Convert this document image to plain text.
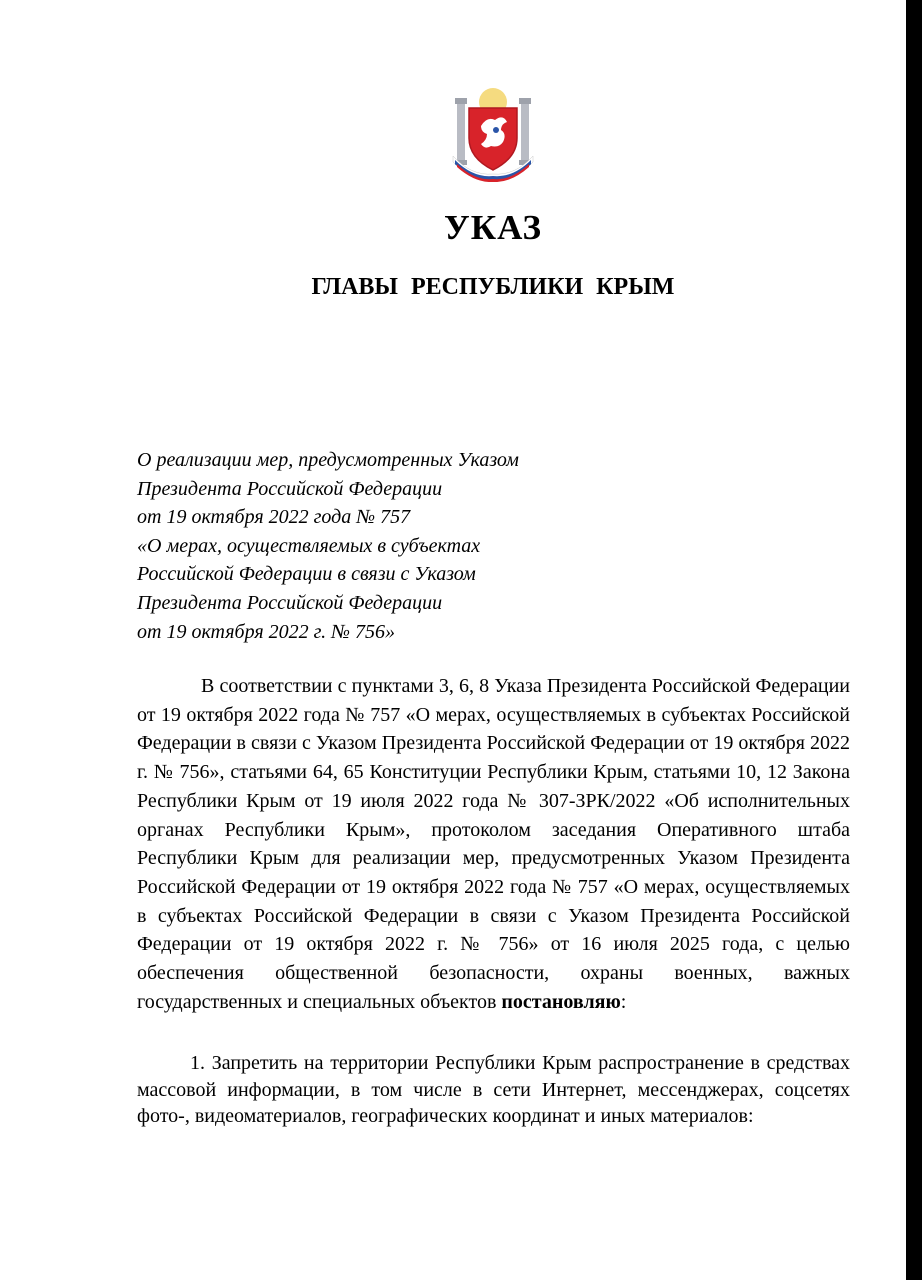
УКАЗ
ГЛАВЫ РЕСПУБЛИКИ КРЫМ
О реализации мер, предусмотренных Указом
Президента Российской Федерации
от 19 октября 2022 года № 757
«О мерах, осуществляемых в субъектах
Российской Федерации в связи с Указом
Президента Российской Федерации
от 19 октября 2022 г. № 756»

В соответствии с пунктами 3, 6, 8 Указа Президента Российской Федерации от 19 октября 2022 года № 757 «О мерах, осуществляемых в субъектах Российской Федерации в связи с Указом Президента Российской Федерации от 19 октября 2022 г. № 756», статьями 64, 65 Конституции Республики Крым, статьями 10, 12 Закона Республики Крым от 19 июля 2022 года № 307-ЗРК/2022 «Об исполнительных органах Республики Крым», протоколом заседания Оперативного штаба Республики Крым для реализации мер, предусмотренных Указом Президента Российской Федерации от 19 октября 2022 года № 757 «О мерах, осуществляемых в субъектах Российской Федерации в связи с Указом Президента Российской Федерации от 19 октября 2022 г. № 756» от 16 июля 2025 года, с целью обеспечения общественной безопасности, охраны военных, важных государственных и специальных объектов постановляю:

1. Запретить на территории Республики Крым распространение в средствах массовой информации, в том числе в сети Интернет, мессенджерах, соцсетях фото-, видеоматериалов, географических координат и иных материалов:
